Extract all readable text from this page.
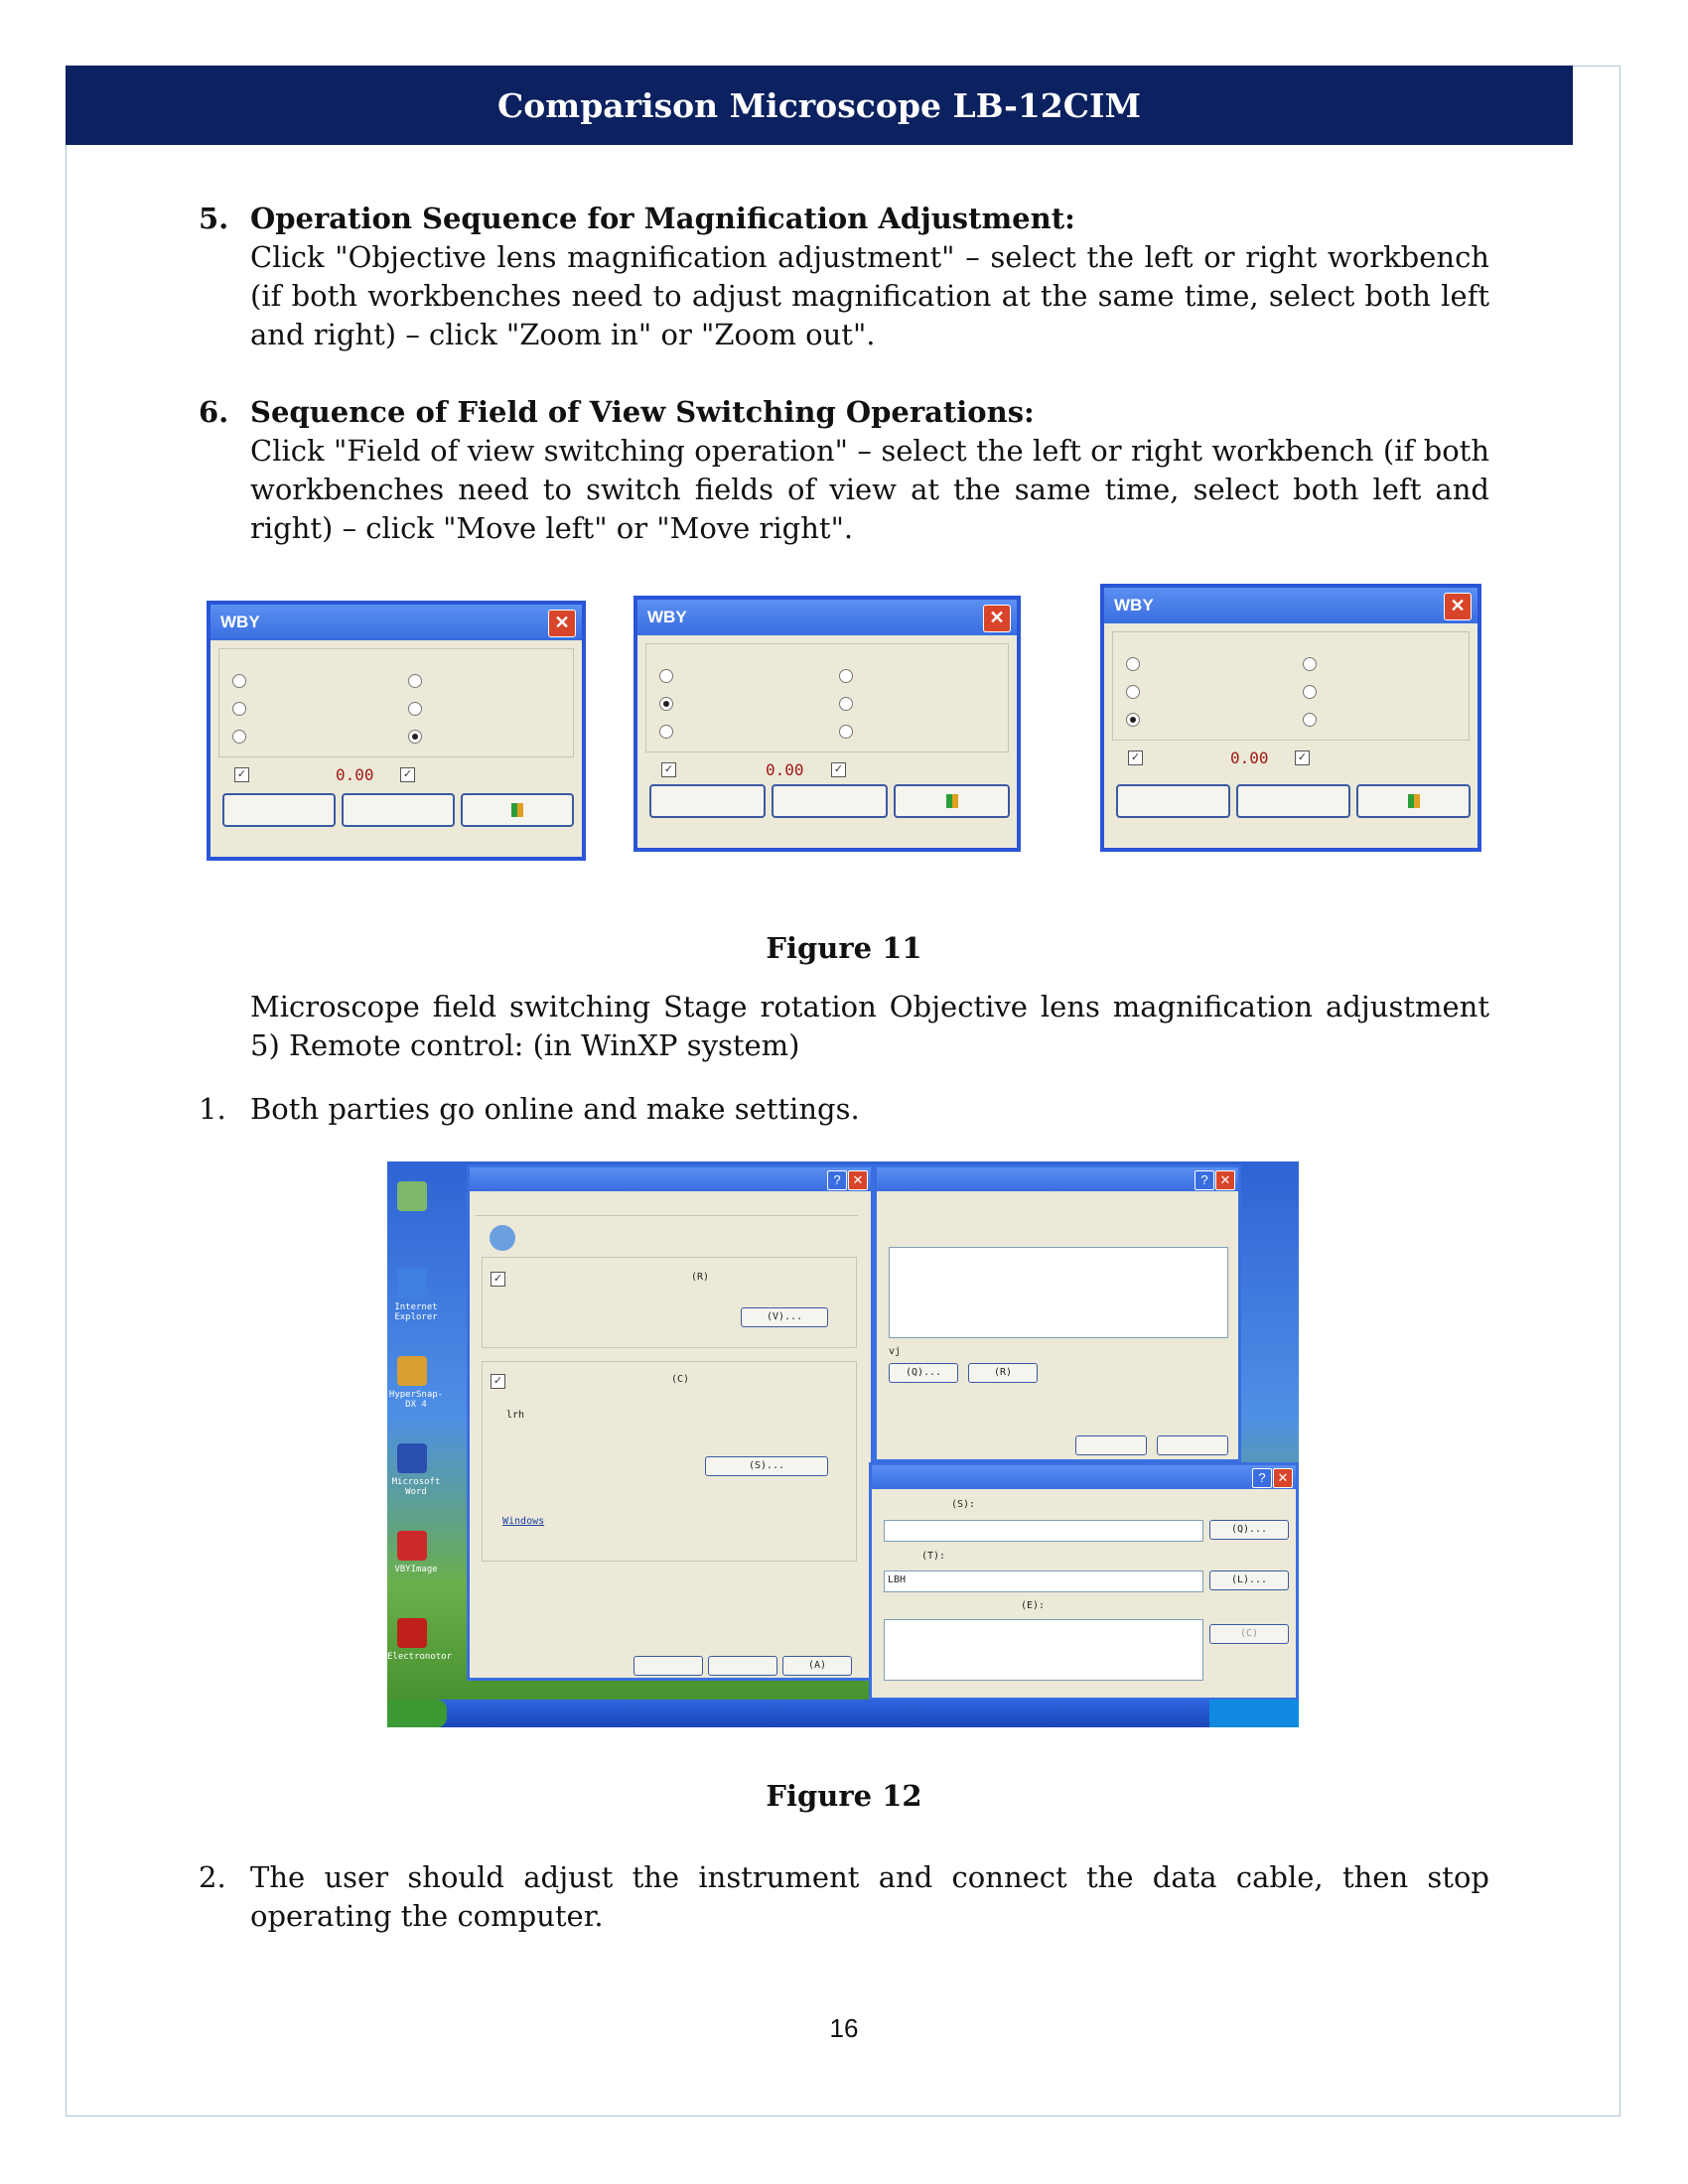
Comparison Microscope LB-12CIM
5. Operation Sequence for Magnification Adjustment:
Click "Objective lens magnification adjustment" – select the left or right workbench (if both workbenches need to adjust magnification at the same time, select both left and right) – click "Zoom in" or "Zoom out".
6. Sequence of Field of View Switching Operations:
Click "Field of view switching operation" – select the left or right workbench (if both workbenches need to switch fields of view at the same time, select both left and right) – click "Move left" or "Move right".
WBY	✕
✓	0.00	✓
WBY	✕
✓	0.00	✓
WBY	✕
✓	0.00	✓
Figure 11
Microscope field switching Stage rotation Objective lens magnification adjustment 5) Remote control: (in WinXP system)
1. Both parties go online and make settings.
Internet Explorer
HyperSnap-DX 4
Microsoft Word
VBYImage
Electronotor
? ✕
✓	(R)
(V)...
✓	(C)
lrh
(S)...
Windows
(A)
? ✕
vj
(Q)...	(R)
? ✕
(S):
(Q)...
(T):
LBH	(L)...
(E):
(C)
Figure 12
2. The user should adjust the instrument and connect the data cable, then stop operating the computer.
16
